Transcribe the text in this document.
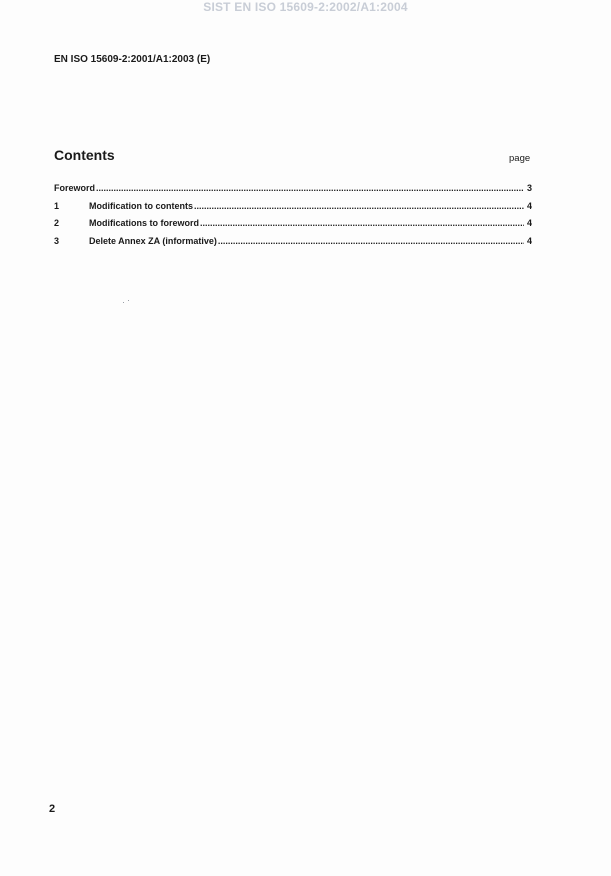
SIST EN ISO 15609-2:2002/A1:2004
EN ISO 15609-2:2001/A1:2003 (E)
Contents	page
Foreword .....	3
1	Modification to contents .....	4
2	Modifications to foreword .....	4
3	Delete Annex ZA (informative) .....	4
2
